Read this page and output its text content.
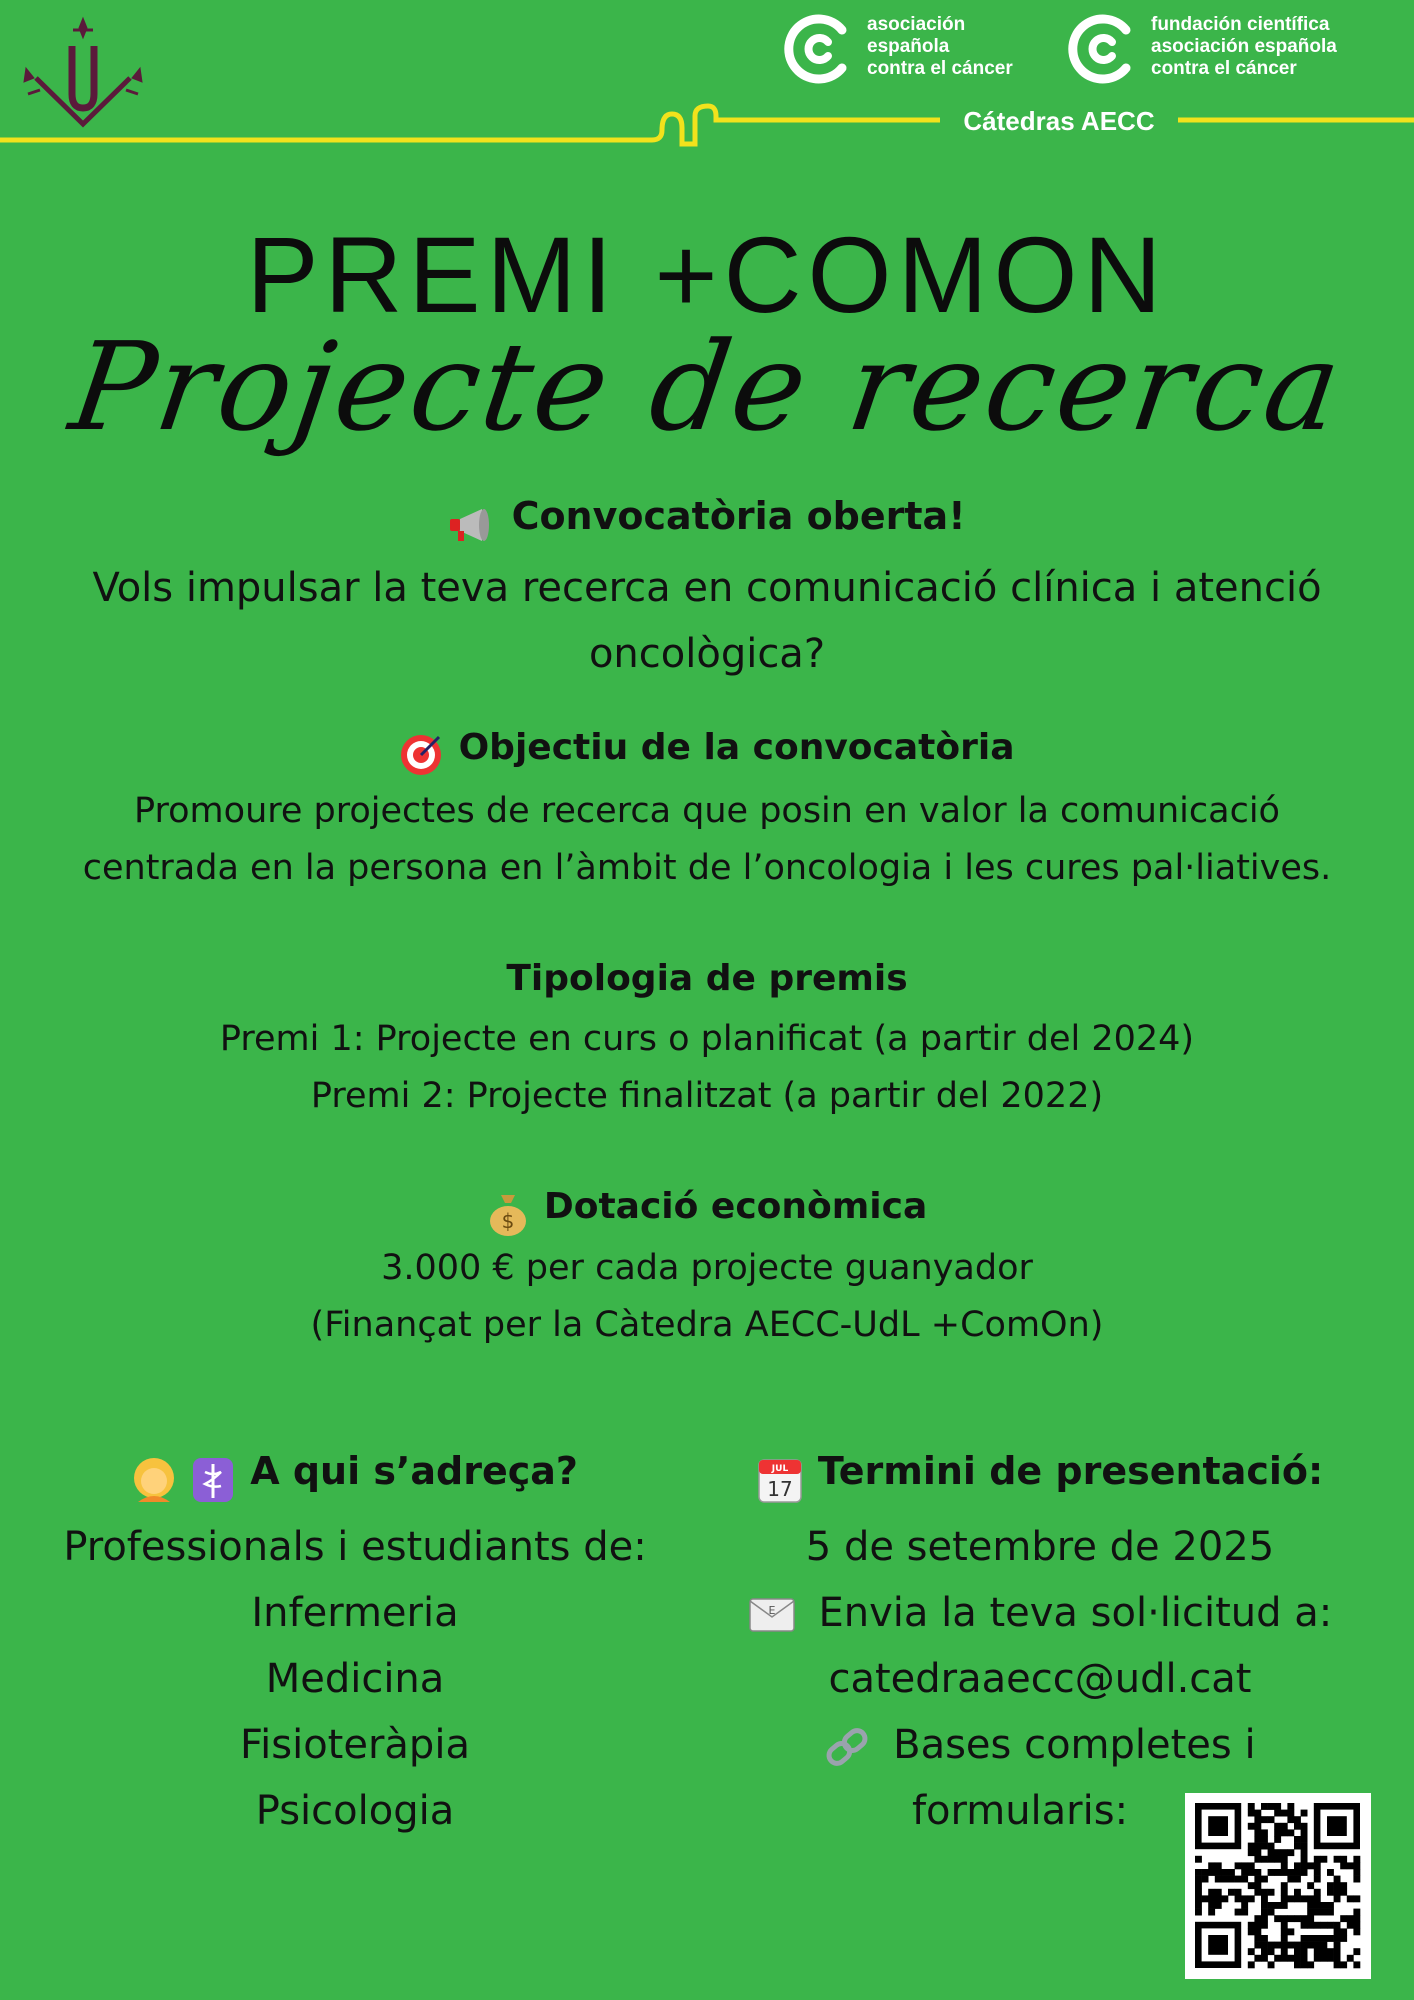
asociación
española
contra el cáncer
fundación científica
asociación española
contra el cáncer
Cátedras AECC
PREMI +COMON
Projecte de recerca
Convocatòria oberta!
Vols impulsar la teva recerca en comunicació clínica i atenció
oncològica?
Objectiu de la convocatòria
Promoure projectes de recerca que posin en valor la comunicació
centrada en la persona en l’àmbit de l’oncologia i les cures pal·liatives.
Tipologia de premis
Premi 1: Projecte en curs o planificat (a partir del 2024)
Premi 2: Projecte finalitzat (a partir del 2022)
$ Dotació econòmica
3.000 € per cada projecte guanyador
(Finançat per la Càtedra AECC-UdL +ComOn)
A qui s’adreça?
Professionals i estudiants de:
Infermeria
Medicina
Fisioteràpia
Psicologia
JUL
17 Termini de presentació:
5 de setembre de 2025
E Envia la teva sol·licitud a:
catedraaecc@udl.cat
Bases completes i
formularis:
